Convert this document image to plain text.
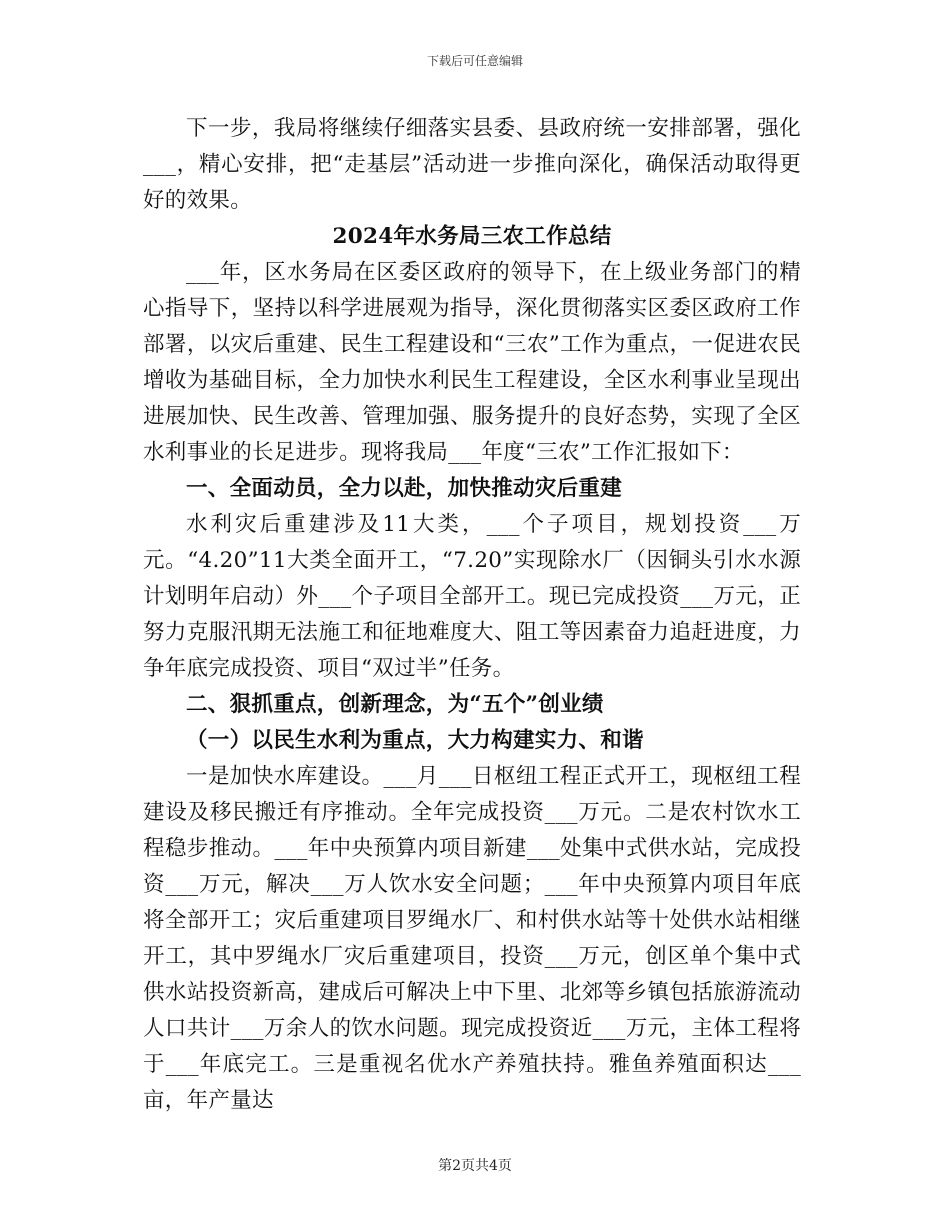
下载后可任意编辑

下一步，我局将继续仔细落实县委、县政府统一安排部署，强化___，精心安排，把“走基层”活动进一步推向深化，确保活动取得更好的效果。

2024年水务局三农工作总结

___年，区水务局在区委区政府的领导下，在上级业务部门的精心指导下，坚持以科学进展观为指导，深化贯彻落实区委区政府工作部署，以灾后重建、民生工程建设和“三农”工作为重点，一促进农民增收为基础目标，全力加快水利民生工程建设，全区水利事业呈现出进展加快、民生改善、管理加强、服务提升的良好态势，实现了全区水利事业的长足进步。现将我局___年度“三农”工作汇报如下：

一、全面动员，全力以赴，加快推动灾后重建

水利灾后重建涉及11大类，___个子项目，规划投资___万元。“4.20”11大类全面开工，“7.20”实现除水厂（因铜头引水水源计划明年启动）外___个子项目全部开工。现已完成投资___万元，正努力克服汛期无法施工和征地难度大、阻工等因素奋力追赶进度，力争年底完成投资、项目“双过半”任务。

二、狠抓重点，创新理念，为“五个”创业绩

（一）以民生水利为重点，大力构建实力、和谐

一是加快水库建设。___月___日枢纽工程正式开工，现枢纽工程建设及移民搬迁有序推动。全年完成投资___万元。二是农村饮水工程稳步推动。___年中央预算内项目新建___处集中式供水站，完成投资___万元，解决___万人饮水安全问题；___年中央预算内项目年底将全部开工；灾后重建项目罗绳水厂、和村供水站等十处供水站相继开工，其中罗绳水厂灾后重建项目，投资___万元，创区单个集中式供水站投资新高，建成后可解决上中下里、北郊等乡镇包括旅游流动人口共计___万余人的饮水问题。现完成投资近___万元，主体工程将于___年底完工。三是重视名优水产养殖扶持。雅鱼养殖面积达___亩，年产量达

第2页共4页
